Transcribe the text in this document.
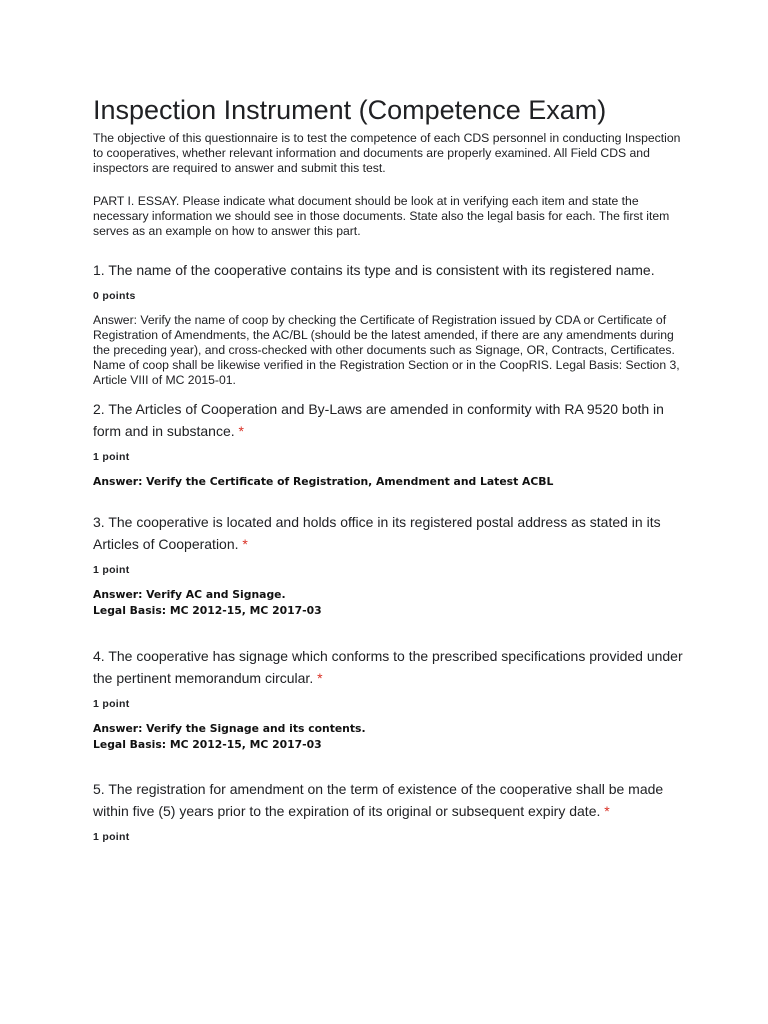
Inspection Instrument (Competence Exam)

The objective of this questionnaire is to test the competence of each CDS personnel in conducting Inspection to cooperatives, whether relevant information and documents are properly examined. All Field CDS and inspectors are required to answer and submit this test.

PART I. ESSAY. Please indicate what document should be look at in verifying each item and state the necessary information we should see in those documents. State also the legal basis for each. The first item serves as an example on how to answer this part.

1. The name of the cooperative contains its type and is consistent with its registered name.

0 points

Answer: Verify the name of coop by checking the Certificate of Registration issued by CDA or Certificate of Registration of Amendments, the AC/BL (should be the latest amended, if there are any amendments during the preceding year), and cross-checked with other documents such as Signage, OR, Contracts, Certificates. Name of coop shall be likewise verified in the Registration Section or in the CoopRIS. Legal Basis: Section 3, Article VIII of MC 2015-01.

2. The Articles of Cooperation and By-Laws are amended in conformity with RA 9520 both in form and in substance. *

1 point

Answer: Verify the Certificate of Registration, Amendment and Latest ACBL

3. The cooperative is located and holds office in its registered postal address as stated in its Articles of Cooperation. *

1 point

Answer: Verify AC and Signage.
Legal Basis: MC 2012-15, MC 2017-03

4. The cooperative has signage which conforms to the prescribed specifications provided under the pertinent memorandum circular. *

1 point

Answer: Verify the Signage and its contents.
Legal Basis: MC 2012-15, MC 2017-03

5. The registration for amendment on the term of existence of the cooperative shall be made within five (5) years prior to the expiration of its original or subsequent expiry date. *

1 point
